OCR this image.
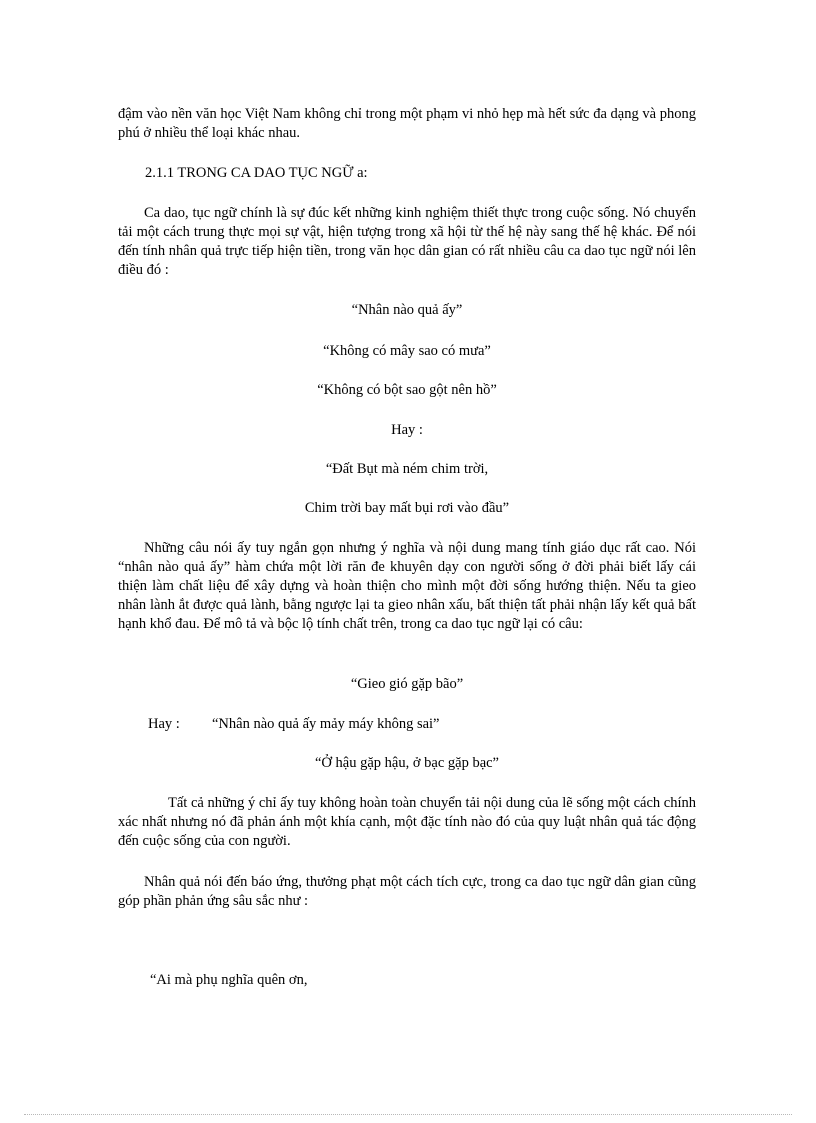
đậm vào nền văn học Việt Nam không chỉ trong một phạm vi nhỏ hẹp mà hết sức đa dạng và phong phú ở nhiều thể loại khác nhau.

2.1.1 TRONG CA DAO TỤC NGỮ a:

Ca dao, tục ngữ chính là sự đúc kết những kinh nghiệm thiết thực trong cuộc sống. Nó chuyển tải một cách trung thực mọi sự vật, hiện tượng trong xã hội từ thế hệ này sang thế hệ khác. Để nói đến tính nhân quả trực tiếp hiện tiền, trong văn học dân gian có rất nhiều câu ca dao tục ngữ nói lên điều đó :

“Nhân nào quả ấy”

“Không có mây sao có mưa”

“Không có bột sao gột nên hồ”

Hay :

“Đất Bụt mà ném chim trời,

Chim trời bay mất bụi rơi vào đầu”

Những câu nói ấy tuy ngắn gọn nhưng ý nghĩa và nội dung mang tính giáo dục rất cao. Nói “nhân nào quả ấy” hàm chứa một lời răn đe khuyên dạy con người sống ở đời phải biết lấy cái thiện làm chất liệu để xây dựng và hoàn thiện cho mình một đời sống hướng thiện. Nếu ta gieo nhân lành ắt được quả lành, bằng ngược lại ta gieo nhân xấu, bất thiện tất phải nhận lấy kết quả bất hạnh khổ đau. Để mô tả và bộc lộ tính chất trên, trong ca dao tục ngữ lại có câu:

“Gieo gió gặp bão”

Hay : “Nhân nào quả ấy mảy máy không sai”

“Ở hậu gặp hậu, ở bạc gặp bạc”

Tất cả những ý chỉ ấy tuy không hoàn toàn chuyển tải nội dung của lẽ sống một cách chính xác nhất nhưng nó đã phản ánh một khía cạnh, một đặc tính nào đó của quy luật nhân quả tác động đến cuộc sống của con người.

Nhân quả nói đến báo ứng, thưởng phạt một cách tích cực, trong ca dao tục ngữ dân gian cũng góp phần phản ứng sâu sắc như :

“Ai mà phụ nghĩa quên ơn,
